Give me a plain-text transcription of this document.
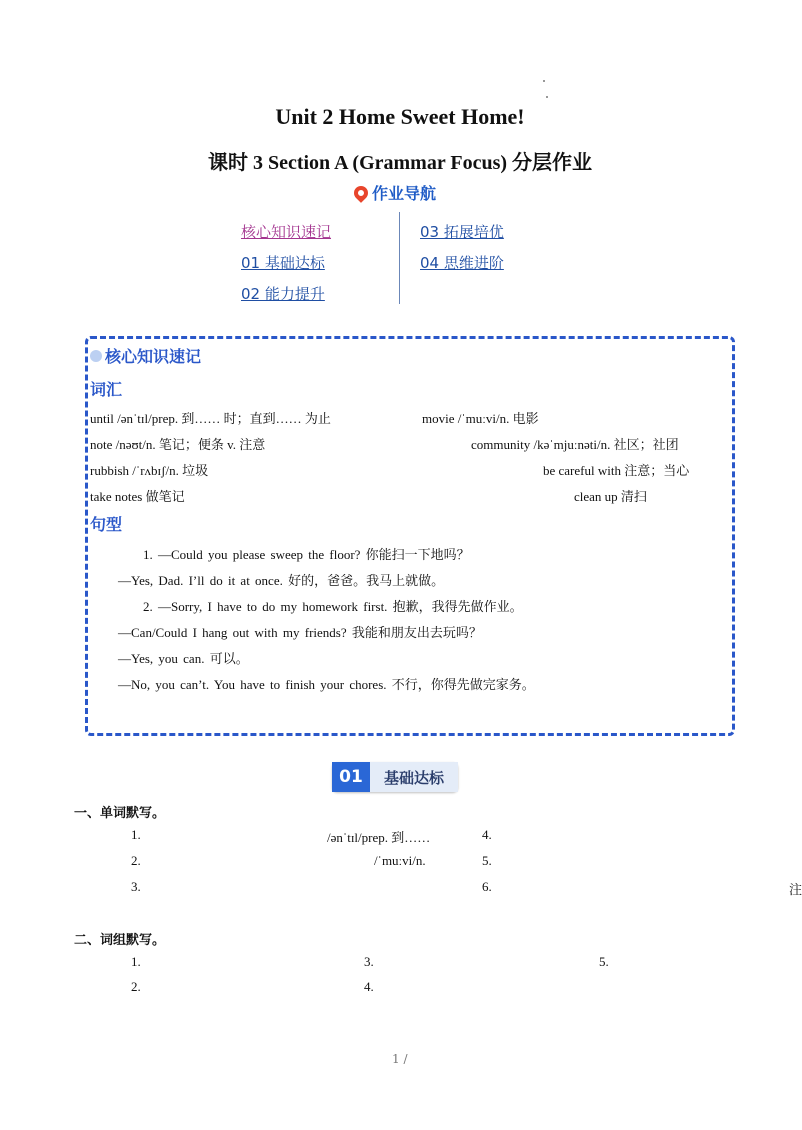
Unit 2 Home Sweet Home!
课时 3 Section A (Grammar Focus) 分层作业
作业导航
核心知识速记
01 基础达标
02 能力提升
03 拓展培优
04 思维进阶
核心知识速记
词汇
until /ənˈtɪl/prep. 到…… 时；直到…… 为止	movie /ˈmuːvi/n. 电影
note /nəʊt/n. 笔记；便条 v. 注意	community /kəˈmjuːnəti/n. 社区；社团
rubbish /ˈrʌbɪʃ/n. 垃圾	be careful with 注意；当心
take notes 做笔记	clean up 清扫
句型
1. —Could you please sweep the floor? 你能扫一下地吗？
—Yes, Dad. I’ll do it at once. 好的，爸爸。我马上就做。
2. —Sorry, I have to do my homework first. 抱歉，我得先做作业。
—Can/Could I hang out with my friends? 我能和朋友出去玩吗？
—Yes, you can. 可以。
—No, you can’t. You have to finish your chores. 不行，你得先做完家务。
01	基础达标
一、单词默写。
1.	/ənˈtɪl/prep. 到……	4.
2.	/ˈmuːvi/n.	5.
3.	6.	注
二、词组默写。
1.	3.	5.
2.	4.
1 /
